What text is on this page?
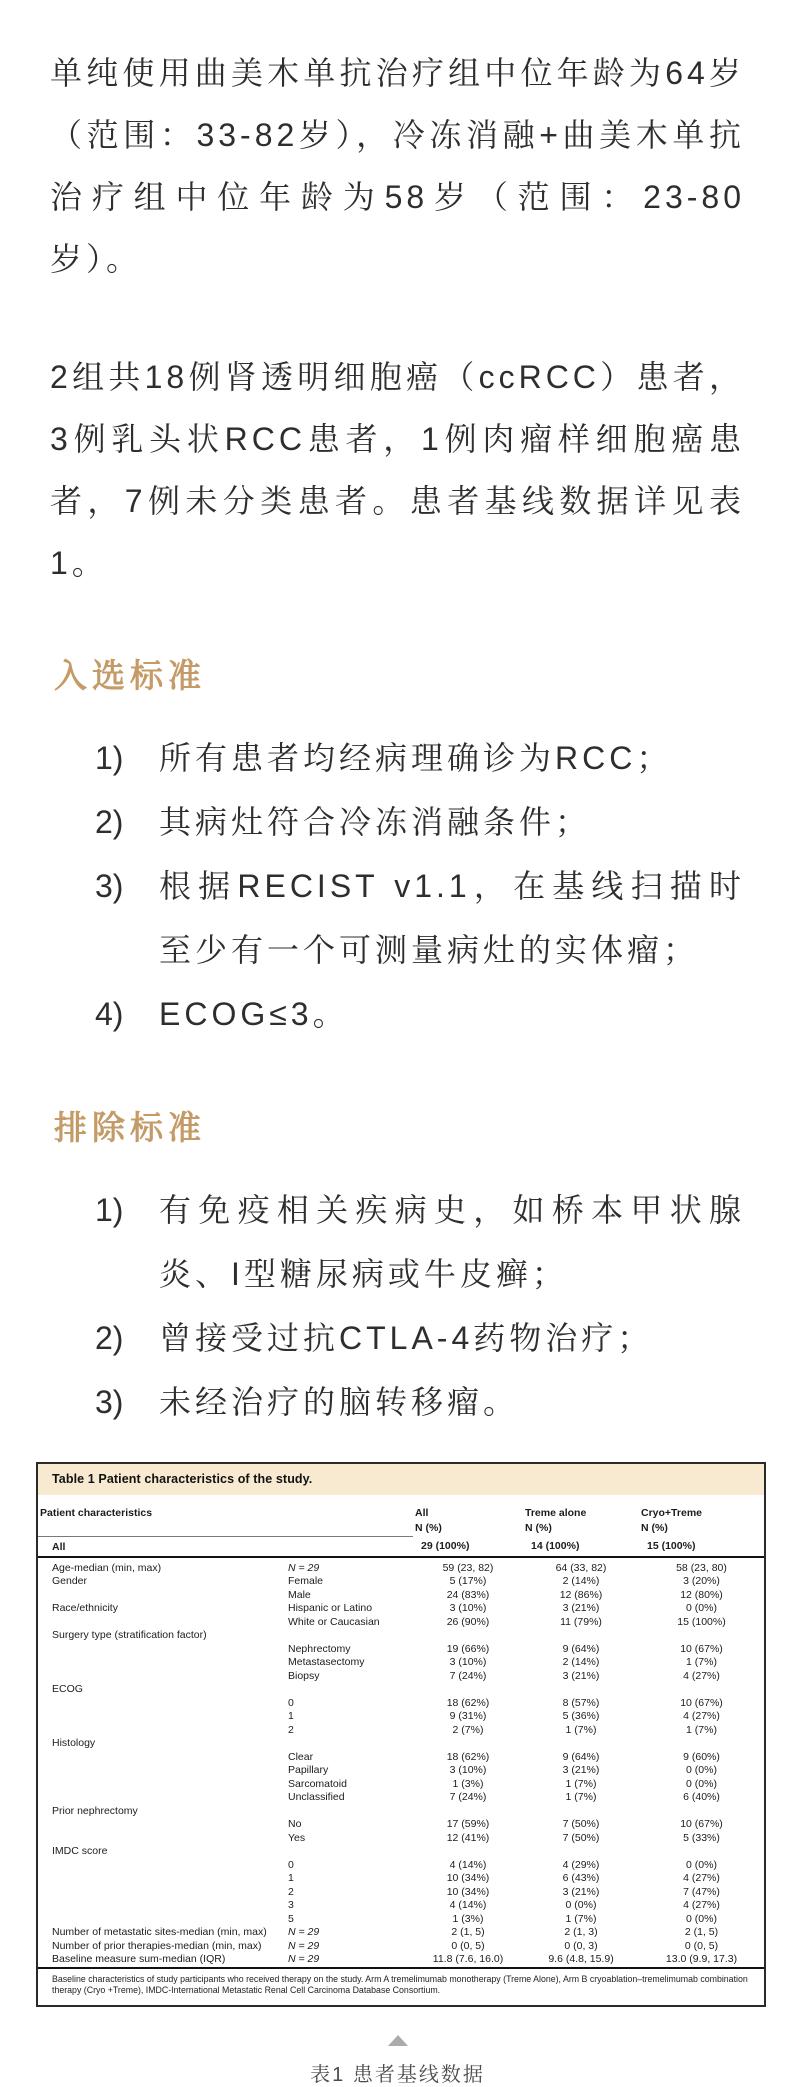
单纯使用曲美木单抗治疗组中位年龄为64岁（范围：33-82岁），冷冻消融+曲美木单抗治疗组中位年龄为58岁（范围：23-80岁）。

2组共18例肾透明细胞癌（ccRCC）患者，3例乳头状RCC患者，1例肉瘤样细胞癌患者，7例未分类患者。患者基线数据详见表1。

入选标准
1)	所有患者均经病理确诊为RCC；
2)	其病灶符合冷冻消融条件；
3)	根据RECIST v1.1，在基线扫描时至少有一个可测量病灶的实体瘤；
4)	ECOG≤3。
排除标准
1)	有免疫相关疾病史，如桥本甲状腺炎、I型糖尿病或牛皮癣；
2)	曾接受过抗CTLA-4药物治疗；
3)	未经治疗的脑转移瘤。
Table 1 Patient characteristics of the study.
Patient characteristics		All	Treme alone	Cryo+Treme
		N (%)	N (%)	N (%)
All		29 (100%)	14 (100%)	15 (100%)
Age-median (min, max)	N = 29	59 (23, 82)	64 (33, 82)	58 (23, 80)
Gender	Female	5 (17%)	2 (14%)	3 (20%)
	Male	24 (83%)	12 (86%)	12 (80%)
Race/ethnicity	Hispanic or Latino	3 (10%)	3 (21%)	0 (0%)
	White or Caucasian	26 (90%)	11 (79%)	15 (100%)
Surgery type (stratification factor)				
	Nephrectomy	19 (66%)	9 (64%)	10 (67%)
	Metastasectomy	3 (10%)	2 (14%)	1 (7%)
	Biopsy	7 (24%)	3 (21%)	4 (27%)
ECOG				
	0	18 (62%)	8 (57%)	10 (67%)
	1	9 (31%)	5 (36%)	4 (27%)
	2	2 (7%)	1 (7%)	1 (7%)
Histology				
	Clear	18 (62%)	9 (64%)	9 (60%)
	Papillary	3 (10%)	3 (21%)	0 (0%)
	Sarcomatoid	1 (3%)	1 (7%)	0 (0%)
	Unclassified	7 (24%)	1 (7%)	6 (40%)
Prior nephrectomy				
	No	17 (59%)	7 (50%)	10 (67%)
	Yes	12 (41%)	7 (50%)	5 (33%)
IMDC score				
	0	4 (14%)	4 (29%)	0 (0%)
	1	10 (34%)	6 (43%)	4 (27%)
	2	10 (34%)	3 (21%)	7 (47%)
	3	4 (14%)	0 (0%)	4 (27%)
	5	1 (3%)	1 (7%)	0 (0%)
Number of metastatic sites-median (min, max)	N = 29	2 (1, 5)	2 (1, 3)	2 (1, 5)
Number of prior therapies-median (min, max)	N = 29	0 (0, 5)	0 (0, 3)	0 (0, 5)
Baseline measure sum-median (IQR)	N = 29	11.8 (7.6, 16.0)	9.6 (4.8, 15.9)	13.0 (9.9, 17.3)
Baseline characteristics of study participants who received therapy on the study. Arm A tremelimumab monotherapy (Treme Alone), Arm B cryoablation–tremelimumab combination therapy (Cryo +Treme), IMDC-International Metastatic Renal Cell Carcinoma Database Consortium.
表1 患者基线数据
